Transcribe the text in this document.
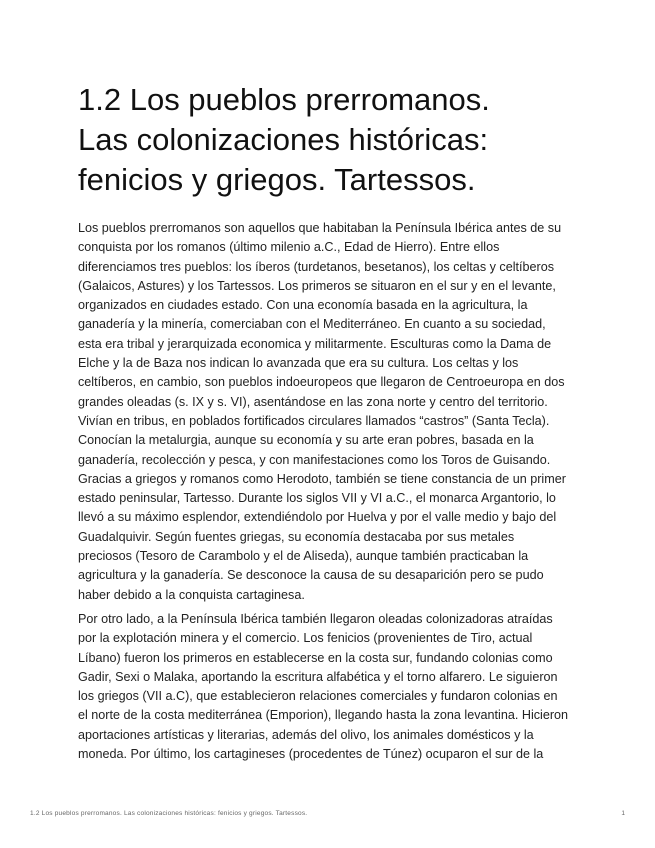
1.2 Los pueblos prerromanos.
Las colonizaciones históricas:
fenicios y griegos. Tartessos.
Los pueblos prerromanos son aquellos que habitaban la Península Ibérica antes de su
conquista por los romanos (último milenio a.C., Edad de Hierro). Entre ellos
diferenciamos tres pueblos: los íberos (turdetanos, besetanos), los celtas y celtíberos
(Galaicos, Astures) y los Tartessos. Los primeros se situaron en el sur y en el levante,
organizados en ciudades estado. Con una economía basada en la agricultura, la
ganadería y la minería, comerciaban con el Mediterráneo. En cuanto a su sociedad,
esta era tribal y jerarquizada economica y militarmente. Esculturas como la Dama de
Elche y la de Baza nos indican lo avanzada que era su cultura. Los celtas y los
celtíberos, en cambio, son pueblos indoeuropeos que llegaron de Centroeuropa en dos
grandes oleadas (s. IX y s. VI), asentándose en las zona norte y centro del territorio.
Vivían en tribus, en poblados fortificados circulares llamados “castros” (Santa Tecla).
Conocían la metalurgia, aunque su economía y su arte eran pobres, basada en la
ganadería, recolección y pesca, y con manifestaciones como los Toros de Guisando.
Gracias a griegos y romanos como Herodoto, también se tiene constancia de un primer
estado peninsular, Tartesso. Durante los siglos VII y VI a.C., el monarca Argantorio, lo
llevó a su máximo esplendor, extendiéndolo por Huelva y por el valle medio y bajo del
Guadalquivir. Según fuentes griegas, su economía destacaba por sus metales
preciosos (Tesoro de Carambolo y el de Aliseda), aunque también practicaban la
agricultura y la ganadería. Se desconoce la causa de su desaparición pero se pudo
haber debido a la conquista cartaginesa.
Por otro lado, a la Península Ibérica también llegaron oleadas colonizadoras atraídas
por la explotación minera y el comercio. Los fenicios (provenientes de Tiro, actual
Líbano) fueron los primeros en establecerse en la costa sur, fundando colonias como
Gadir, Sexi o Malaka, aportando la escritura alfabética y el torno alfarero. Le siguieron
los griegos (VII a.C), que establecieron relaciones comerciales y fundaron colonias en
el norte de la costa mediterránea (Emporion), llegando hasta la zona levantina. Hicieron
aportaciones artísticas y literarias, además del olivo, los animales domésticos y la
moneda. Por último, los cartagineses (procedentes de Túnez) ocuparon el sur de la
1.2 Los pueblos prerromanos. Las colonizaciones históricas: fenicios y griegos. Tartessos.	1
